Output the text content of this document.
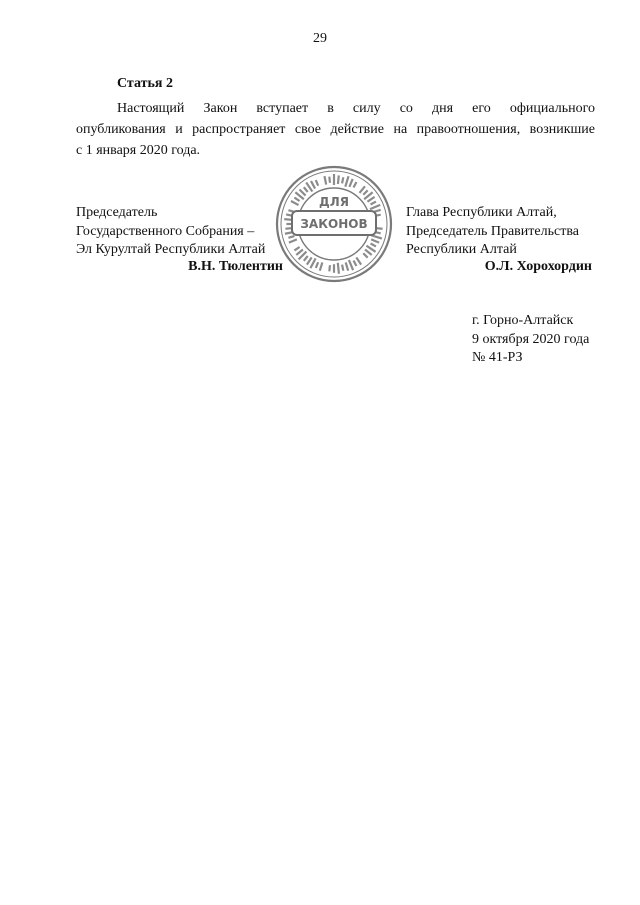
29
Статья 2
Настоящий Закон вступает в силу со дня его официального
опубликования и распространяет свое действие на правоотношения, возникшие
с 1 января 2020 года.
Председатель
Государственного Собрания –
Эл Курултай Республики Алтай
В.Н. Тюлентин
Глава Республики Алтай,
Председатель Правительства
Республики Алтай
О.Л. Хорохордин
ДЛЯ
ЗАКОНОВ
г. Горно-Алтайск
9 октября 2020 года
№ 41-РЗ
